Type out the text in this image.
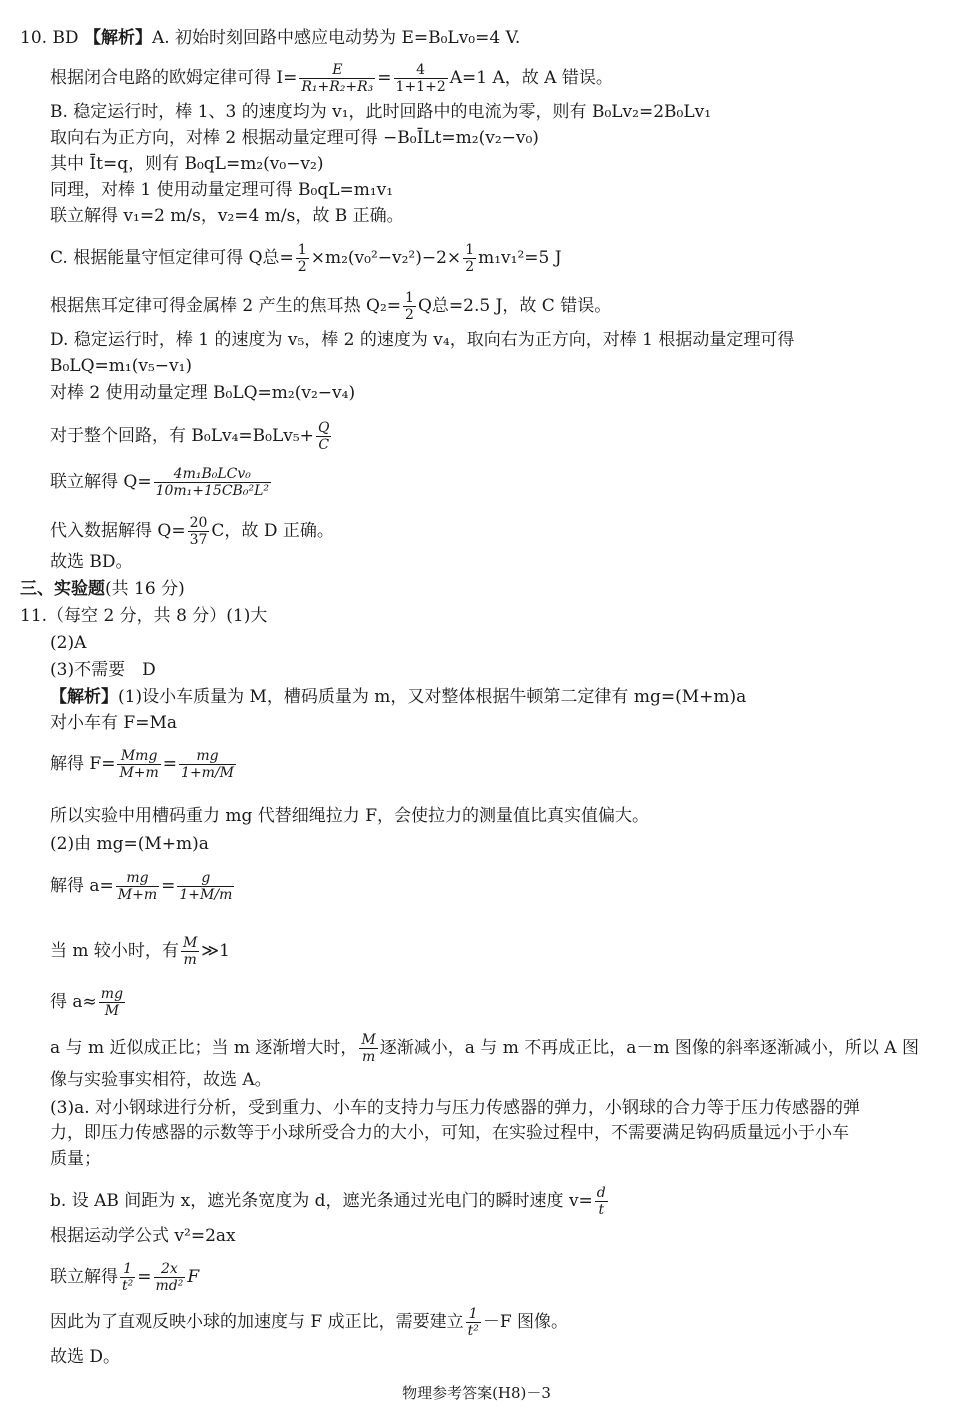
10. BD 【解析】A. 初始时刻回路中感应电动势为 E=B₀Lv₀=4 V.
根据闭合电路的欧姆定律可得 $I= \frac{E}{\text{R₁+R₂+R₃}} = \frac{4}{1+1+2} A=1$ A，故 A 错误。
B. 稳定运行时，棒 1、3 的速度均为 v₁，此时回路中的电流为零，则有 B₀Lv₂=2B₀Lv₁
取向右为正方向，对棒 2 根据动量定理可得 −B₀ĪLt=m₂(v₂−v₀)
其中 Īt=q，则有 B₀qL=m₂(v₀−v₂)
同理，对棒 1 使用动量定理可得 B₀qL=m₁v₁
联立解得 v₁=2 m/s，v₂=4 m/s，故 B 正确。
C. 根据能量守恒定律可得 Q总= $\frac{1}{2} \times m_2(v_0^2-v_2^2)-2\times \frac{1}{2} m_1v_1^2=5$ J
根据焦耳定律可得金属棒 2 产生的焦耳热 $Q_2= \frac{1}{2}$ Q总=2.5 J，故 C 错误。
D. 稳定运行时，棒 1 的速度为 v₅，棒 2 的速度为 v₄，取向右为正方向，对棒 1 根据动量定理可得
B₀LQ=m₁(v₅−v₁)
对棒 2 使用动量定理 B₀LQ=m₂(v₂−v₄)
对于整个回路，有 $B_0Lv_4=B_0Lv_5+ \frac{Q}{C}$
联立解得 $Q= \frac{\text{4m₁B₀LCv₀}}{\text{10m₁+15CB₀²L²}}$
代入数据解得 $Q= \frac{20}{37}$ C，故 D 正确。
故选 BD。
三、实验题(共 16 分)
11.（每空 2 分，共 8 分）(1)大
(2)A
(3)不需要　D
【解析】(1)设小车质量为 M，槽码质量为 m，又对整体根据牛顿第二定律有 mg=(M+m)a
对小车有 F=Ma
解得 $F= \frac{\text{Mmg}}{M+m} = \frac{mg}{1+m/M}$
所以实验中用槽码重力 mg 代替细绳拉力 F，会使拉力的测量值比真实值偏大。
(2)由 mg=(M+m)a
解得 $a= \frac{mg}{M+m} = \frac{g}{1+M/m}$
当 m 较小时，有 $\frac{M}{m}$ ≫1
得 $a\approx \frac{mg}{M}$
a 与 m 近似成正比；当 m 逐渐增大时， $\frac{M}{m}$ 逐渐减小，a 与 m 不再成正比，a－m 图像的斜率逐渐减小，所以 A 图
像与实验事实相符，故选 A。
(3)a. 对小钢球进行分析，受到重力、小车的支持力与压力传感器的弹力，小钢球的合力等于压力传感器的弹
力，即压力传感器的示数等于小球所受合力的大小，可知，在实验过程中，不需要满足钩码质量远小于小车
质量；
b. 设 AB 间距为 x，遮光条宽度为 d，遮光条通过光电门的瞬时速度 $v= \frac{d}{t}$
根据运动学公式 v²=2ax
联立解得 $\frac{1}{\text{t²}} = \frac{2x}{\text{md²}}$ F
因此为了直观反映小球的加速度与 F 成正比，需要建立 $\frac{1}{\text{t²}} -F$ 图像。
故选 D。
物理参考答案(H8)－3
